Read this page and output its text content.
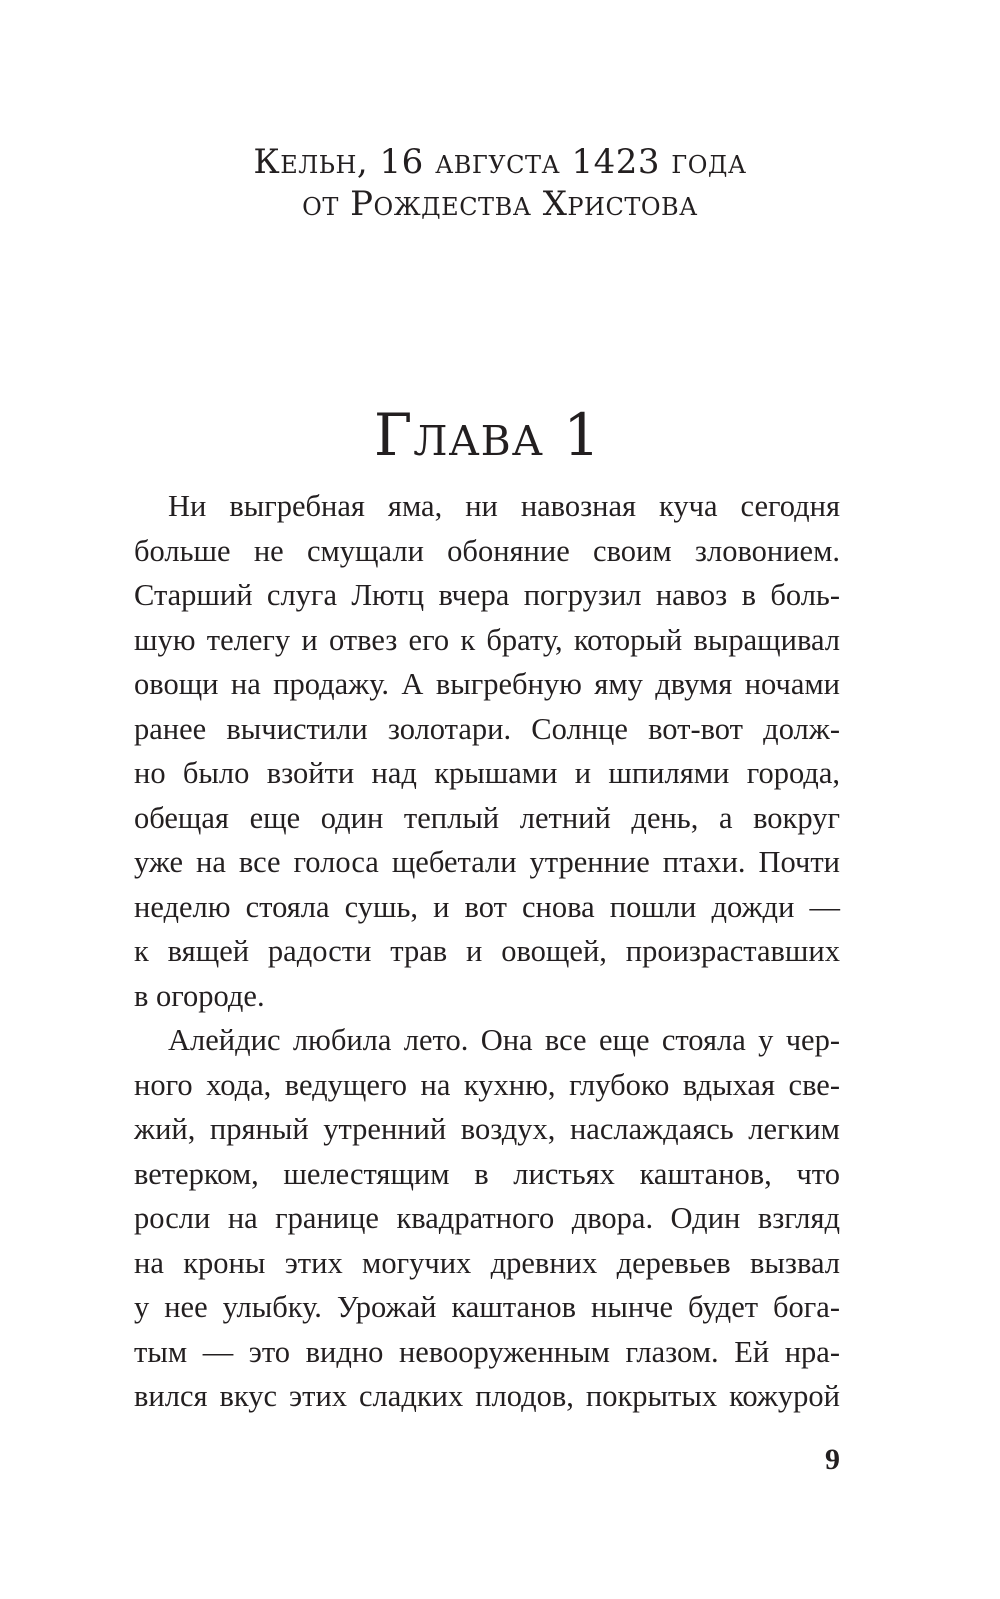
Кельн, 16 августа 1423 года
от Рождества Христова
Глава 1
Ни выгребная яма, ни навозная куча сегодня
больше не смущали обоняние своим зловонием.
Старший слуга Лютц вчера погрузил навоз в боль-
шую телегу и отвез его к брату, который выращивал
овощи на продажу. А выгребную яму двумя ночами
ранее вычистили золотари. Солнце вот-вот долж-
но было взойти над крышами и шпилями города,
обещая еще один теплый летний день, а вокруг
уже на все голоса щебетали утренние птахи. Почти
неделю стояла сушь, и вот снова пошли дожди —
к вящей радости трав и овощей, произраставших
в огороде.
Алейдис любила лето. Она все еще стояла у чер-
ного хода, ведущего на кухню, глубоко вдыхая све-
жий, пряный утренний воздух, наслаждаясь легким
ветерком, шелестящим в листьях каштанов, что
росли на границе квадратного двора. Один взгляд
на кроны этих могучих древних деревьев вызвал
у нее улыбку. Урожай каштанов нынче будет бога-
тым — это видно невооруженным глазом. Ей нра-
вился вкус этих сладких плодов, покрытых кожурой
9
